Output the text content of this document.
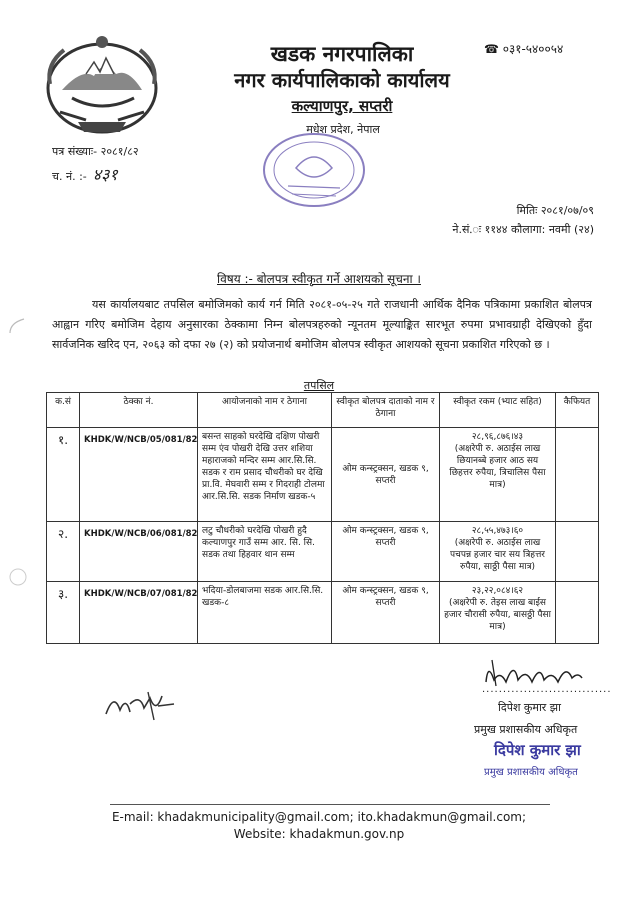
खडक नगरपालिका
नगर कार्यपालिकाको कार्यालय
कल्याणपुर, सप्तरी
मधेश प्रदेश, नेपाल
☎ ०३१-५४००५४
पत्र संख्याः- २०८१/८२
च. नं. :- ४३१
मितिः २०८१/०७/०९
ने.सं.ः ११४४ कौलागा: नवमी (२४)
विषय :- बोलपत्र स्वीकृत गर्ने आशयको सूचना ।
यस कार्यालयबाट तपसिल बमोजिमको कार्य गर्न मिति २०८१-०५-२५ गते राजधानी आर्थिक दैनिक पत्रिकामा प्रकाशित बोलपत्र आह्वान गरिए बमोजिम देहाय अनुसारका ठेक्कामा निम्न बोलपत्रहरुको न्यूनतम मूल्याङ्कित सारभूत रुपमा प्रभावग्राही देखिएको हुँदा सार्वजनिक खरिद एन, २०६३ को दफा २७ (२) को प्रयोजनार्थ बमोजिम बोलपत्र स्वीकृत आशयको सूचना प्रकाशित गरिएको छ ।
तपसिल
क.सं	ठेक्का नं.	आयोजनाको नाम र ठेगाना	स्वीकृत बोलपत्र दाताको नाम र ठेगाना	स्वीकृत रकम (भ्याट सहित)	कैफियत
१.	KHDK/W/NCB/05/081/82	बसन्त साहको घरदेखि दक्षिण पोखरी सम्म एंव पोखरी देखि उत्तर शशिया महाराजको मन्दिर सम्म आर.सि.सि. सडक र राम प्रसाद चौधरीको घर देखि प्रा.वि. मेघवारी सम्म र गिदराही टोलमा आर.सि.सि. सडक निर्माण खडक-५	ओम कन्स्ट्रक्सन, खडक ९, सप्तरी	२८,९६,८७६।४३
(अक्षरेपी रु. अठाईस लाख छियानब्बे हजार आठ सय छिहत्तर रुपैया, त्रिचालिस पैसा मात्र)	

२.	KHDK/W/NCB/06/081/82	लटु चौधरीको घरदेखि पोखरी हुदै कल्याणपुर गाउँ सम्म आर. सि. सि. सडक तथा हिहवार थान सम्म	ओम कन्स्ट्रक्सन, खडक ९, सप्तरी	२८,५५,४७३।६०
(अक्षरेपी रु. अठाईस लाख पचपन्न हजार चार सय त्रिहत्तर रुपैया, साठ्ठी पैसा मात्र)	

३.	KHDK/W/NCB/07/081/82	भदिया-डोलबाजमा सडक आर.सि.सि. खडक-८	ओम कन्स्ट्रक्सन, खडक ९, सप्तरी	२३,२२,०८४।६२
(अक्षरेपी रु. तेइस लाख बाईस हजार चौरासी रुपैया, बासठ्ठी पैसा मात्र)	

...............................
दिपेश कुमार झा
प्रमुख प्रशासकीय अधिकृत
दिपेश कुमार झा
प्रमुख प्रशासकीय अधिकृत
E-mail: khadakmunicipality@gmail.com; ito.khadakmun@gmail.com;
Website: khadakmun.gov.np
